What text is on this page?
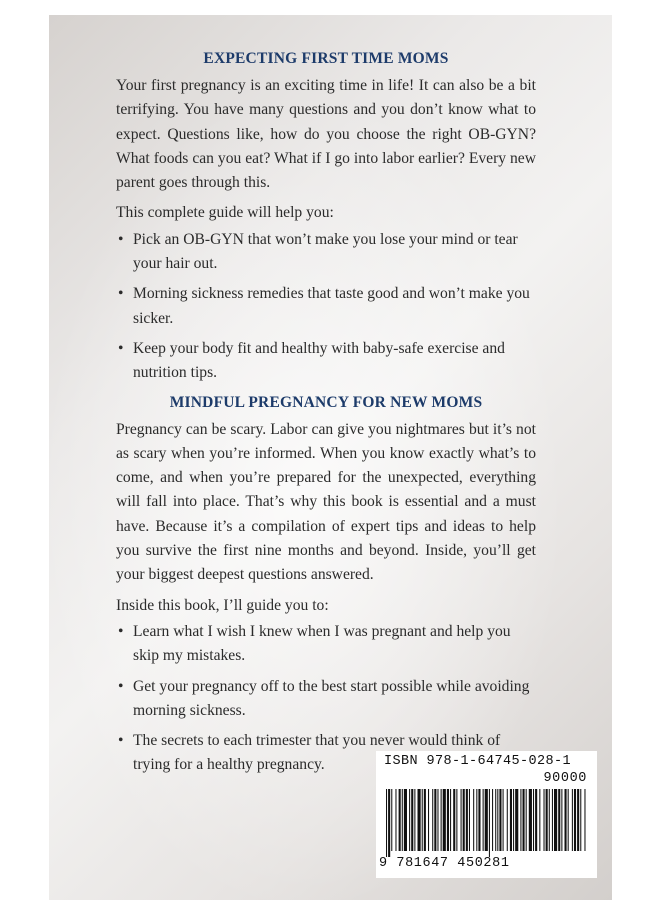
EXPECTING FIRST TIME MOMS

Your first pregnancy is an exciting time in life! It can also be a bit terrifying. You have many questions and you don’t know what to expect. Questions like, how do you choose the right OB-GYN? What foods can you eat? What if I go into labor earlier? Every new parent goes through this.

This complete guide will help you:

• Pick an OB-GYN that won’t make you lose your mind or tear your hair out.
• Morning sickness remedies that taste good and won’t make you sicker.
• Keep your body fit and healthy with baby-safe exercise and nutrition tips.
MINDFUL PREGNANCY FOR NEW MOMS

Pregnancy can be scary. Labor can give you nightmares but it’s not as scary when you’re informed. When you know exactly what’s to come, and when you’re prepared for the unexpected, everything will fall into place. That’s why this book is essential and a must have. Because it’s a compilation of expert tips and ideas to help you survive the first nine months and beyond. Inside, you’ll get your biggest deepest questions answered.

Inside this book, I’ll guide you to:

• Learn what I wish I knew when I was pregnant and help you skip my mistakes.
• Get your pregnancy off to the best start possible while avoiding morning sickness.
• The secrets to each trimester that you never would think of trying for a healthy pregnancy.	ISBN 978-1-64745-028-1
90000
9 781647 450281
